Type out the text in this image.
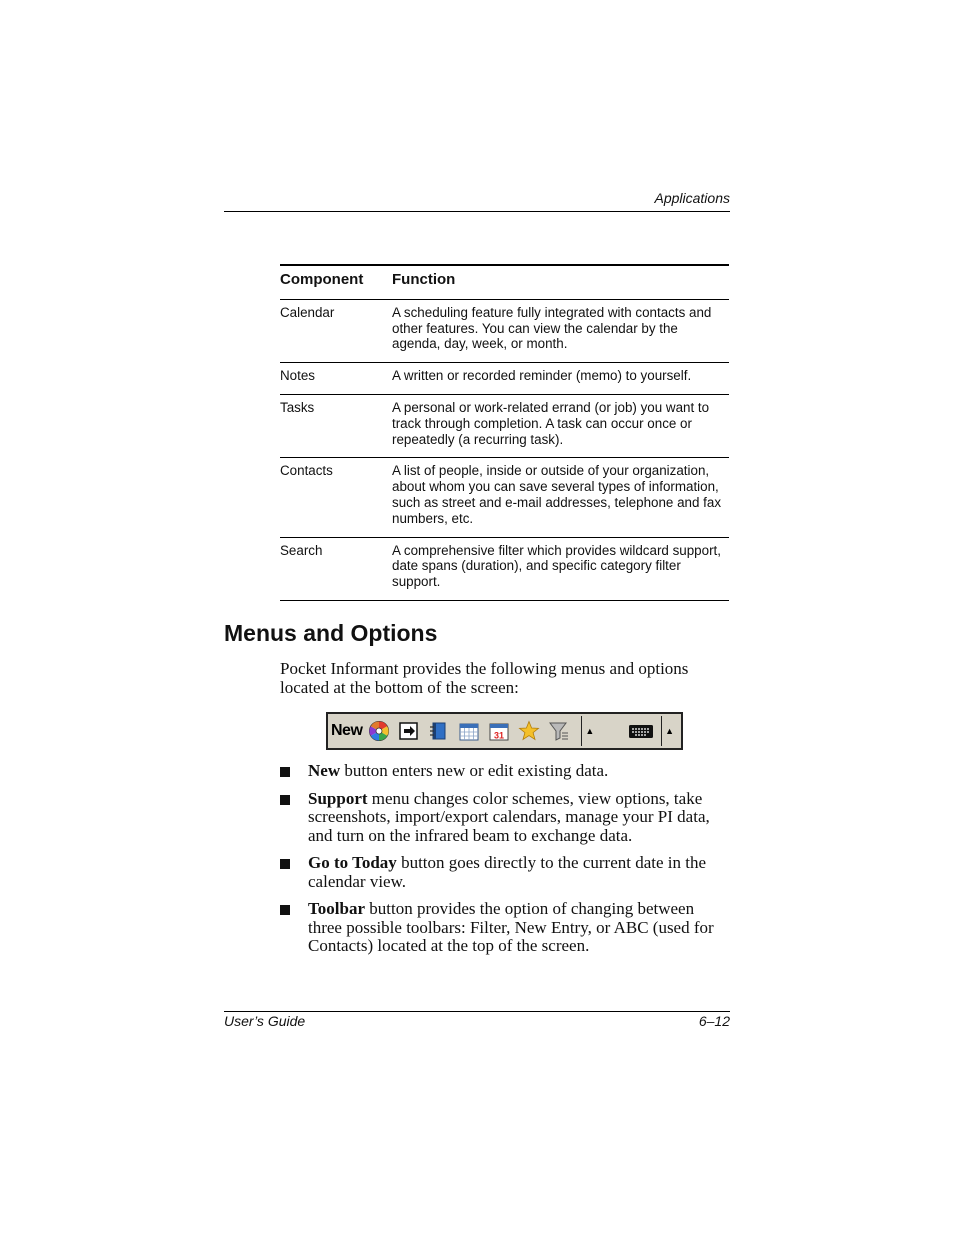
Applications
Component	Function
Calendar	A scheduling feature fully integrated with contacts and other features. You can view the calendar by the agenda, day, week, or month.
Notes	A written or recorded reminder (memo) to yourself.
Tasks	A personal or work-related errand (or job) you want to track through completion. A task can occur once or repeatedly (a recurring task).
Contacts	A list of people, inside or outside of your organization, about whom you can save several types of information, such as street and e-mail addresses, telephone and fax numbers, etc.
Search	A comprehensive filter which provides wildcard support, date spans (duration), and specific category filter support.
Menus and Options

Pocket Informant provides the following menus and options located at the bottom of the screen:

New	31	▲	▲
New button enters new or edit existing data.
Support menu changes color schemes, view options, take screenshots, import/export calendars, manage your PI data, and turn on the infrared beam to exchange data.
Go to Today button goes directly to the current date in the calendar view.
Toolbar button provides the option of changing between three possible toolbars: Filter, New Entry, or ABC (used for Contacts) located at the top of the screen.
User’s Guide	6–12
